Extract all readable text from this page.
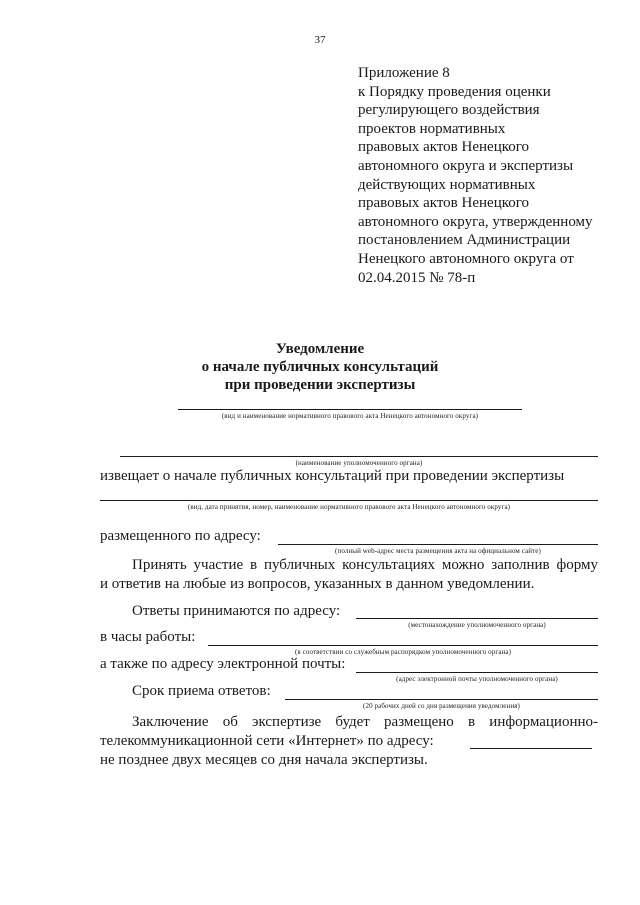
37
Приложение 8
к Порядку проведения оценки
регулирующего воздействия
проектов нормативных
правовых актов Ненецкого
автономного округа и экспертизы
действующих нормативных
правовых актов Ненецкого
автономного округа, утвержденному
постановлением Администрации
Ненецкого автономного округа от
02.04.2015 № 78-п
Уведомление
о начале публичных консультаций
при проведении экспертизы
(вид и наименование нормативного правового акта Ненецкого автономного округа)
(наименование уполномоченного органа)
извещает о начале публичных консультаций при проведении экспертизы
(вид, дата принятия, номер, наименование нормативного правового акта Ненецкого автономного округа)
размещенного по адресу:
(полный web-адрес места размещения акта на официальном сайте)
Принять участие в публичных консультациях можно заполнив форму
и ответив на любые из вопросов, указанных в данном уведомлении.
Ответы принимаются по адресу:
(местонахождение уполномоченного органа)
в часы работы:
(в соответствии со служебным распорядком уполномоченного органа)
а также по адресу электронной почты:
(адрес электронной почты уполномоченного органа)
Срок приема ответов:
(20 рабочих дней со дня размещения уведомления)
Заключение об экспертизе будет размещено в информационно-
телекоммуникационной сети «Интернет» по адресу:
не позднее двух месяцев со дня начала экспертизы.
